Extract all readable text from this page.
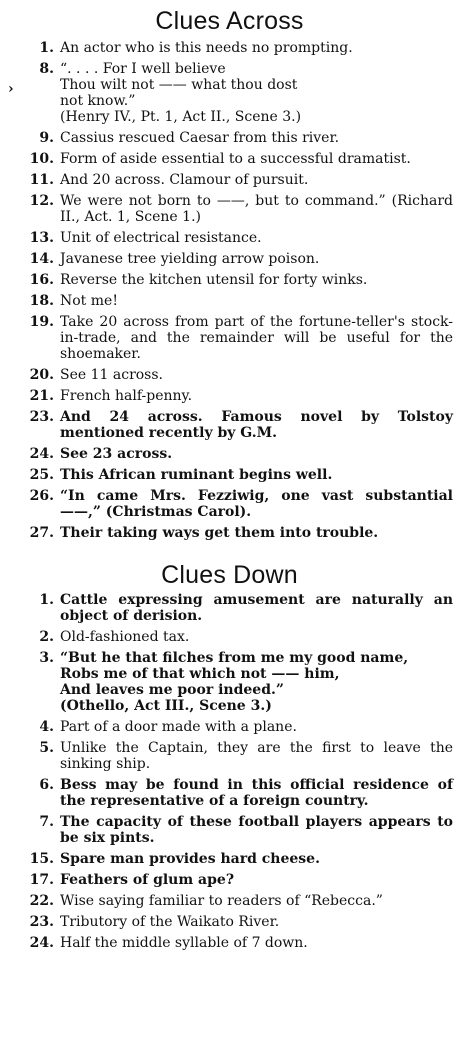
›
Clues Across
1. An actor who is this needs no prompting.
8. “. . . . For I well believe
Thou wilt not —— what thou dost
not know.”
(Henry IV., Pt. 1, Act II., Scene 3.)
9. Cassius rescued Caesar from this river.
10. Form of aside essential to a successful dramatist.
11. And 20 across. Clamour of pursuit.
12. We were not born to ——, but to command.” (Richard II., Act. 1, Scene 1.)
13. Unit of electrical resistance.
14. Javanese tree yielding arrow poison.
16. Reverse the kitchen utensil for forty winks.
18. Not me!
19. Take 20 across from part of the fortune-teller's stock-in-trade, and the remainder will be useful for the shoemaker.
20. See 11 across.
21. French half-penny.
23. And 24 across. Famous novel by Tolstoy mentioned recently by G.M.
24. See 23 across.
25. This African ruminant begins well.
26. “In came Mrs. Fezziwig, one vast substantial ——,” (Christmas Carol).
27. Their taking ways get them into trouble.
Clues Down
1. Cattle expressing amusement are naturally an object of derision.
2. Old-fashioned tax.
3. “But he that filches from me my good name,
Robs me of that which not —— him,
And leaves me poor indeed.”
(Othello, Act III., Scene 3.)
4. Part of a door made with a plane.
5. Unlike the Captain, they are the first to leave the sinking ship.
6. Bess may be found in this official residence of the representative of a foreign country.
7. The capacity of these football players appears to be six pints.
15. Spare man provides hard cheese.
17. Feathers of glum ape?
22. Wise saying familiar to readers of “Rebecca.”
23. Tributory of the Waikato River.
24. Half the middle syllable of 7 down.
